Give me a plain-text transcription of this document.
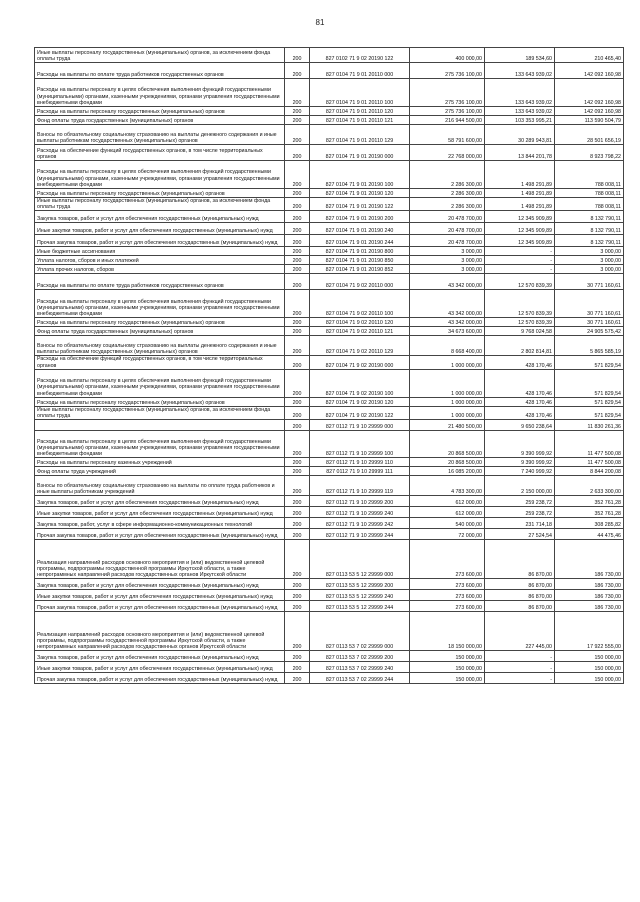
81
Иные выплаты персоналу государственных (муниципальных) органов, за исключением фонда оплаты труда	200	827 0102 71 9 02 20190 122	400 000,00	189 534,60	210 465,40
Расходы на выплаты по оплате труда работников государственных органов	200	827 0104 71 9 01 20110 000	275 736 100,00	133 643 939,02	142 092 160,98
Расходы на выплаты персоналу в целях обеспечения выполнения функций государственными (муниципальными) органами, казенными учреждениями, органами управления государственными внебюджетными фондами	200	827 0104 71 9 01 20110 100	275 736 100,00	133 643 939,02	142 092 160,98
Расходы на выплаты персоналу государственных (муниципальных) органов	200	827 0104 71 9 01 20110 120	275 736 100,00	133 643 939,02	142 092 160,98
Фонд оплаты труда государственных (муниципальных) органов	200	827 0104 71 9 01 20110 121	216 944 500,00	103 353 995,21	113 590 504,79
Взносы по обязательному социальному страхованию на выплаты денежного содержания и иные выплаты работникам государственных (муниципальных) органов	200	827 0104 71 9 01 20110 129	58 791 600,00	30 289 943,81	28 501 656,19
Расходы на обеспечение функций государственных органов, в том числе территориальных органов	200	827 0104 71 9 01 20190 000	22 768 000,00	13 844 201,78	8 923 798,22
Расходы на выплаты персоналу в целях обеспечения выполнения функций государственными (муниципальными) органами, казенными учреждениями, органами управления государственными внебюджетными фондами	200	827 0104 71 9 01 20190 100	2 286 300,00	1 498 291,89	788 008,11
Расходы на выплаты персоналу государственных (муниципальных) органов	200	827 0104 71 9 01 20190 120	2 286 300,00	1 498 291,89	788 008,11
Иные выплаты персоналу государственных (муниципальных) органов, за исключением фонда оплаты труда	200	827 0104 71 9 01 20190 122	2 286 300,00	1 498 291,89	788 008,11
Закупка товаров, работ и услуг для обеспечения государственных (муниципальных) нужд	200	827 0104 71 9 01 20190 200	20 478 700,00	12 345 909,89	8 132 790,11
Иные закупки товаров, работ и услуг для обеспечения государственных (муниципальных) нужд	200	827 0104 71 9 01 20190 240	20 478 700,00	12 345 909,89	8 132 790,11
Прочая закупка товаров, работ и услуг для обеспечения государственных (муниципальных) нужд	200	827 0104 71 9 01 20190 244	20 478 700,00	12 345 909,89	8 132 790,11
Иные бюджетные ассигнования	200	827 0104 71 9 01 20190 800	3 000,00	-	3 000,00
Уплата налогов, сборов и иных платежей	200	827 0104 71 9 01 20190 850	3 000,00	-	3 000,00
Уплата прочих налогов, сборов	200	827 0104 71 9 01 20190 852	3 000,00	-	3 000,00
Расходы на выплаты по оплате труда работников государственных органов	200	827 0104 71 9 02 20110 000	43 342 000,00	12 570 839,39	30 771 160,61
Расходы на выплаты персоналу в целях обеспечения выполнения функций государственными (муниципальными) органами, казенными учреждениями, органами управления государственными внебюджетными фондами	200	827 0104 71 9 02 20110 100	43 342 000,00	12 570 839,39	30 771 160,61
Расходы на выплаты персоналу государственных (муниципальных) органов	200	827 0104 71 9 02 20110 120	43 342 000,00	12 570 839,39	30 771 160,61
Фонд оплаты труда государственных (муниципальных) органов	200	827 0104 71 9 02 20110 121	34 673 600,00	9 768 024,58	24 905 575,42
Взносы по обязательному социальному страхованию на выплаты денежного содержания и иные выплаты работникам государственных (муниципальных) органов	200	827 0104 71 9 02 20110 129	8 668 400,00	2 802 814,81	5 865 585,19
Расходы на обеспечение функций государственных органов, в том числе территориальных органов	200	827 0104 71 9 02 20190 000	1 000 000,00	428 170,46	571 829,54
Расходы на выплаты персоналу в целях обеспечения выполнения функций государственными (муниципальными) органами, казенными учреждениями, органами управления государственными внебюджетными фондами	200	827 0104 71 9 02 20190 100	1 000 000,00	428 170,46	571 829,54
Расходы на выплаты персоналу государственных (муниципальных) органов	200	827 0104 71 9 02 20190 120	1 000 000,00	428 170,46	571 829,54
Иные выплаты персоналу государственных (муниципальных) органов, за исключением фонда оплаты труда	200	827 0104 71 9 02 20190 122	1 000 000,00	428 170,46	571 829,54
	200	827 0112 71 9 10 29999 000	21 480 500,00	9 650 238,64	11 830 261,36
Расходы на выплаты персоналу в целях обеспечения выполнения функций государственными (муниципальными) органами, казенными учреждениями, органами управления государственными внебюджетными фондами	200	827 0112 71 9 10 29999 100	20 868 500,00	9 390 999,92	11 477 500,08
Расходы на выплаты персоналу казенных учреждений	200	827 0112 71 9 10 29999 110	20 868 500,00	9 390 999,92	11 477 500,08
Фонд оплаты труда учреждений	200	827 0112 71 9 10 29999 111	16 085 200,00	7 240 999,92	8 844 200,08
Взносы по обязательному социальному страхованию на выплаты по оплате труда работников и иные выплаты работникам учреждений	200	827 0112 71 9 10 29999 119	4 783 300,00	2 150 000,00	2 633 300,00
Закупка товаров, работ и услуг для обеспечения государственных (муниципальных) нужд	200	827 0112 71 9 10 29999 200	612 000,00	259 238,72	352 761,28
Иные закупки товаров, работ и услуг для обеспечения государственных (муниципальных) нужд	200	827 0112 71 9 10 29999 240	612 000,00	259 238,72	352 761,28
Закупка товаров, работ, услуг в сфере информационно-коммуникационных технологий	200	827 0112 71 9 10 29999 242	540 000,00	231 714,18	308 285,82
Прочая закупка товаров, работ и услуг для обеспечения государственных (муниципальных) нужд	200	827 0112 71 9 10 29999 244	72 000,00	27 524,54	44 475,46
Реализация направлений расходов основного мероприятия и (или) ведомственной целевой программы, подпрограммы государственной программы Иркутской области, а также непрограммных направлений расходов государственных органов Иркутской области	200	827 0113 53 5 12 29999 000	273 600,00	86 870,00	186 730,00
Закупка товаров, работ и услуг для обеспечения государственных (муниципальных) нужд	200	827 0113 53 5 12 29999 200	273 600,00	86 870,00	186 730,00
Иные закупки товаров, работ и услуг для обеспечения государственных (муниципальных) нужд	200	827 0113 53 5 12 29999 240	273 600,00	86 870,00	186 730,00
Прочая закупка товаров, работ и услуг для обеспечения государственных (муниципальных) нужд	200	827 0113 53 5 12 29999 244	273 600,00	86 870,00	186 730,00
Реализация направлений расходов основного мероприятия и (или) ведомственной целевой программы, подпрограммы государственной программы Иркутской области, а также непрограммных направлений расходов государственных органов Иркутской области	200	827 0113 53 7 02 29999 000	18 150 000,00	227 445,00	17 922 555,00
Закупка товаров, работ и услуг для обеспечения государственных (муниципальных) нужд	200	827 0113 53 7 02 29999 200	150 000,00	-	150 000,00
Иные закупки товаров, работ и услуг для обеспечения государственных (муниципальных) нужд	200	827 0113 53 7 02 29999 240	150 000,00	-	150 000,00
Прочая закупка товаров, работ и услуг для обеспечения государственных (муниципальных) нужд	200	827 0113 53 7 02 29999 244	150 000,00	-	150 000,00
